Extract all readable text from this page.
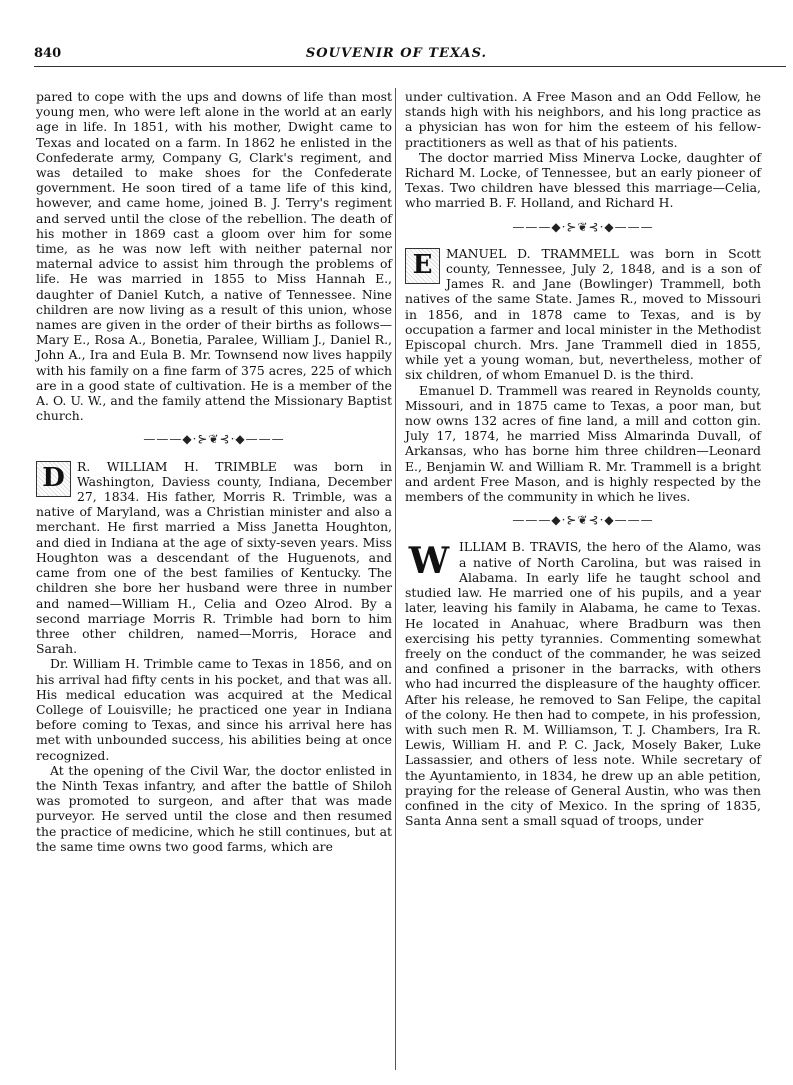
840	SOUVENIR OF TEXAS.

pared to cope with the ups and downs of life than most young men, who were left alone in the world at an early age in life. In 1851, with his mother, Dwight came to Texas and located on a farm. In 1862 he enlisted in the Confederate army, Company G, Clark's regiment, and was detailed to make shoes for the Confederate government. He soon tired of a tame life of this kind, however, and came home, joined B. J. Terry's regiment and served until the close of the rebellion. The death of his mother in 1869 cast a gloom over him for some time, as he was now left with neither paternal nor maternal advice to assist him through the problems of life. He was married in 1855 to Miss Hannah E., daughter of Daniel Kutch, a native of Tennessee. Nine children are now living as a result of this union, whose names are given in the order of their births as follows—Mary E., Rosa A., Bonetia, Paralee, William J., Daniel R., John A., Ira and Eula B. Mr. Townsend now lives happily with his family on a fine farm of 375 acres, 225 of which are in a good state of cultivation. He is a member of the A. O. U. W., and the family attend the Missionary Baptist church.

———◆·⊱❦⊰·◆———
D R. WILLIAM H. TRIMBLE was born in Washington, Daviess county, Indiana, December 27, 1834. His father, Morris R. Trimble, was a native of Maryland, was a Christian minister and also a merchant. He first married a Miss Janetta Houghton, and died in Indiana at the age of sixty-seven years. Miss Houghton was a descendant of the Huguenots, and came from one of the best families of Kentucky. The children she bore her husband were three in number and named—William H., Celia and Ozeo Alrod. By a second marriage Morris R. Trimble had born to him three other children, named—Morris, Horace and Sarah.

Dr. William H. Trimble came to Texas in 1856, and on his arrival had fifty cents in his pocket, and that was all. His medical education was acquired at the Medical College of Louisville; he practiced one year in Indiana before coming to Texas, and since his arrival here has met with unbounded success, his abilities being at once recognized.

At the opening of the Civil War, the doctor enlisted in the Ninth Texas infantry, and after the battle of Shiloh was promoted to surgeon, and after that was made purveyor. He served until the close and then resumed the practice of medicine, which he still continues, but at the same time owns two good farms, which are

under cultivation. A Free Mason and an Odd Fellow, he stands high with his neighbors, and his long practice as a physician has won for him the esteem of his fellow-practitioners as well as that of his patients.

The doctor married Miss Minerva Locke, daughter of Richard M. Locke, of Tennessee, but an early pioneer of Texas. Two children have blessed this marriage—Celia, who married B. F. Holland, and Richard H.

———◆·⊱❦⊰·◆———
E	MANUEL D. TRAMMELL was born in Scott county, Tennessee, July 2, 1848, and is a son of James R. and Jane (Bowlinger) Trammell, both natives of the same State. James R., moved to Missouri in 1856, and in 1878 came to Texas, and is by occupation a farmer and local minister in the Methodist Episcopal church. Mrs. Jane Trammell died in 1855, while yet a young woman, but, nevertheless, mother of six children, of whom Emanuel D. is the third.

Emanuel D. Trammell was reared in Reynolds county, Missouri, and in 1875 came to Texas, a poor man, but now owns 132 acres of fine land, a mill and cotton gin. July 17, 1874, he married Miss Almarinda Duvall, of Arkansas, who has borne him three children—Leonard E., Benjamin W. and William R. Mr. Trammell is a bright and ardent Free Mason, and is highly respected by the members of the community in which he lives.

———◆·⊱❦⊰·◆———
W ILLIAM B. TRAVIS, the hero of the Alamo, was a native of North Carolina, but was raised in Alabama. In early life he taught school and studied law. He married one of his pupils, and a year later, leaving his family in Alabama, he came to Texas. He located in Anahuac, where Bradburn was then exercising his petty tyrannies. Commenting somewhat freely on the conduct of the commander, he was seized and confined a prisoner in the barracks, with others who had incurred the displeasure of the haughty officer. After his release, he removed to San Felipe, the capital of the colony. He then had to compete, in his profession, with such men R. M. Williamson, T. J. Chambers, Ira R. Lewis, William H. and P. C. Jack, Mosely Baker, Luke Lassassier, and others of less note. While secretary of the Ayuntamiento, in 1834, he drew up an able petition, praying for the release of General Austin, who was then confined in the city of Mexico. In the spring of 1835, Santa Anna sent a small squad of troops, under
